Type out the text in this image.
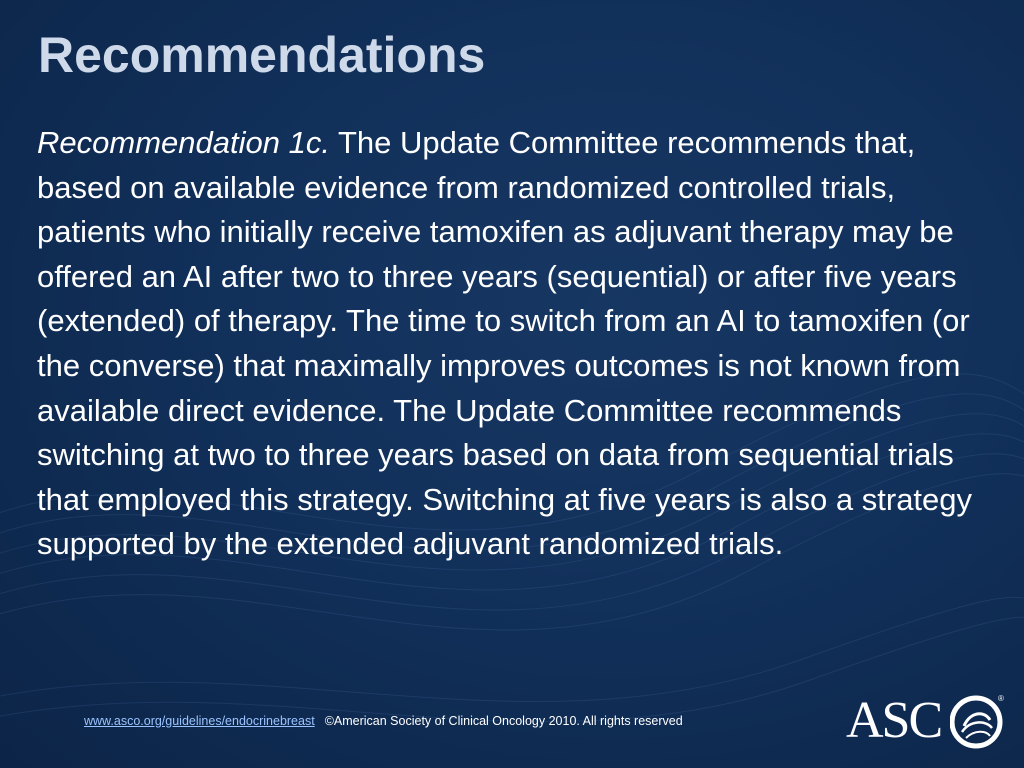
Recommendations

Recommendation 1c. The Update Committee recommends that, based on available evidence from randomized controlled trials, patients who initially receive tamoxifen as adjuvant therapy may be offered an AI after two to three years (sequential) or after five years (extended) of therapy. The time to switch from an AI to tamoxifen (or the converse) that maximally improves outcomes is not known from available direct evidence. The Update Committee recommends switching at two to three years based on data from sequential trials that employed this strategy. Switching at five years is also a strategy supported by the extended adjuvant randomized trials.

www.asco.org/guidelines/endocrinebreast ©American Society of Clinical Oncology 2010. All rights reserved	ASC	®
